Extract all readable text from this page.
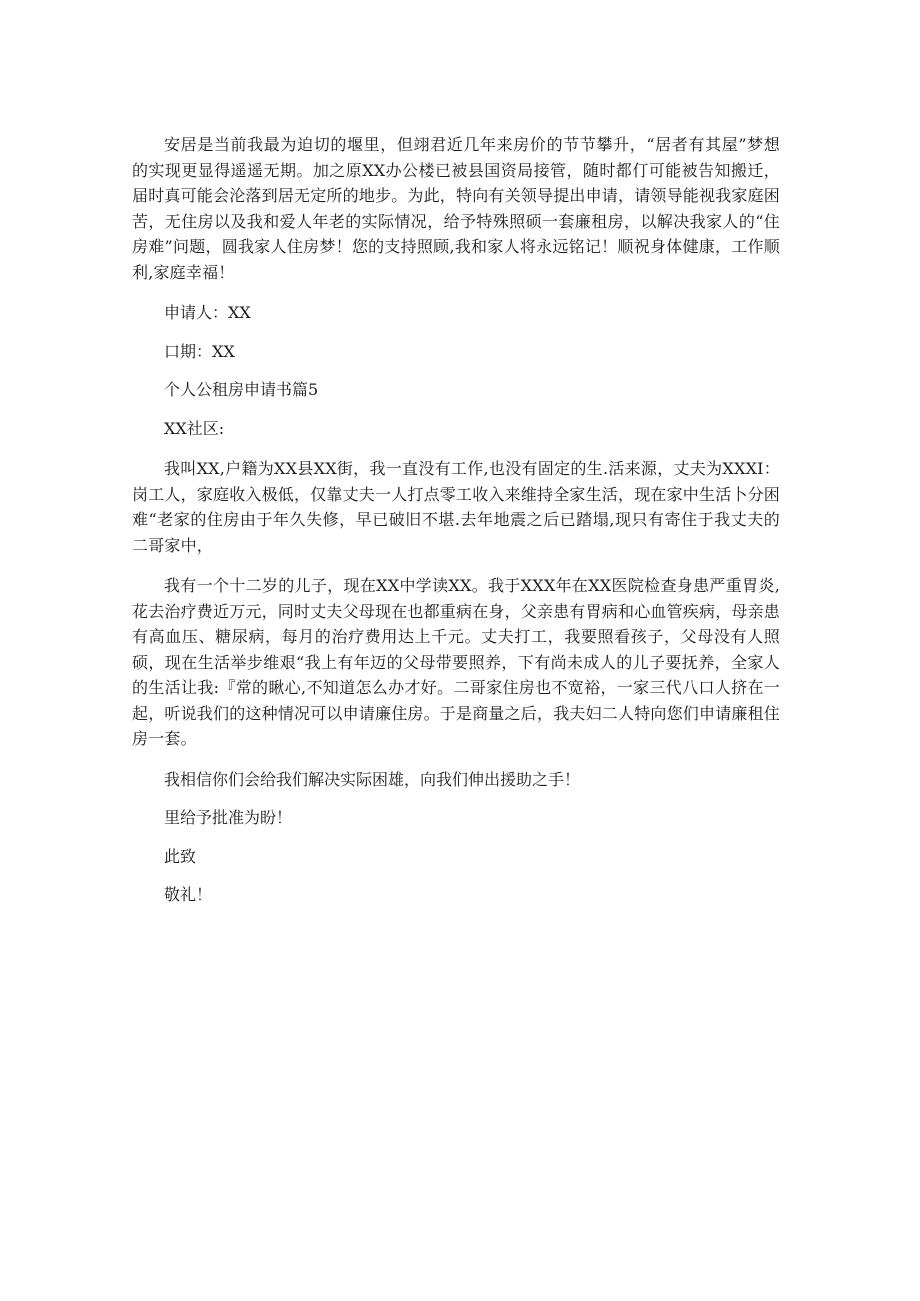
安居是当前我最为迫切的堰里，但翊君近几年来房价的节节攀升，“居者有其屋”梦想的实现更显得遥遥无期。加之原XX办公楼已被县国资局接管，随时都仃可能被告知搬迁，届时真可能会沦落到居无定所的地步。为此，特向有关领导提出申请，请领导能视我家庭困苦，无住房以及我和爱人年老的实际情况，给予特殊照硕一套廉租房，以解决我家人的“住房难”问题，圆我家人住房梦！您的支持照顾,我和家人将永远铭记！顺祝身体健康，工作顺利,家庭幸福！

申请人：XX

口期：XX

个人公租房申请书篇5

XX社区:

我叫XX,户籍为XX县XX街，我一直没有工作,也没有固定的生.活来源，丈夫为XXXI：岗工人，家庭收入极低，仅靠丈夫一人打点零工收入来维持全家生活，现在家中生活卜分困难“老家的住房由于年久失修，早已破旧不堪.去年地震之后已踏塌,现只有寄住于我丈夫的二哥家中，

我有一个十二岁的儿子，现在XX中学读XX。我于XXX年在XX医院检查身患严重胃炎,花去治疗费近万元，同时丈夫父母现在也都重病在身，父亲患有胃病和心血管疾病，母亲患有高血压、糖尿病，每月的治疗费用达上千元。丈夫打工，我要照看孩子，父母没有人照硕，现在生活举步维艰“我上有年迈的父母带要照养，下有尚未成人的儿子要抚养，全家人的生活让我:『常的瞅心,不知道怎么办才好。二哥家住房也不宽裕，一家三代八口人挤在一起，听说我们的这种情况可以申请廉住房。于是商量之后，我夫妇二人特向您们申请廉租住房一套。

我相信你们会给我们解决实际困雄，向我们伸出援助之手！

里给予批准为盼！

此致

敬礼！
